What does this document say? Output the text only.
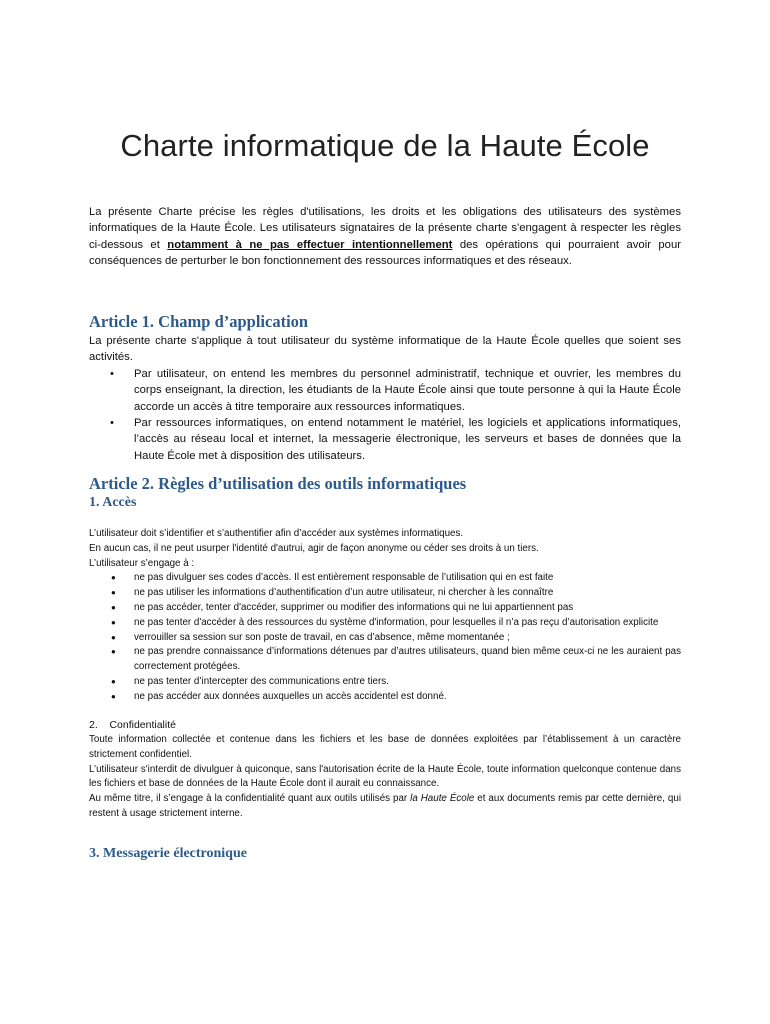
Charte informatique de la Haute École

La présente Charte précise les règles d'utilisations, les droits et les obligations des utilisateurs des systèmes informatiques de la Haute École. Les utilisateurs signataires de la présente charte s'engagent à respecter les règles ci-dessous et notamment à ne pas effectuer intentionnellement des opérations qui pourraient avoir pour conséquences de perturber le bon fonctionnement des ressources informatiques et des réseaux.

Article 1. Champ d’application

La présente charte s'applique à tout utilisateur du système informatique de la Haute École quelles que soient ses activités.

• Par utilisateur, on entend les membres du personnel administratif, technique et ouvrier, les membres du corps enseignant, la direction, les étudiants de la Haute École ainsi que toute personne à qui la Haute École accorde un accès à titre temporaire aux ressources informatiques.
• Par ressources informatiques, on entend notamment le matériel, les logiciels et applications informatiques, l’accès au réseau local et internet, la messagerie électronique, les serveurs et bases de données que la Haute École met à disposition des utilisateurs.
Article 2. Règles d’utilisation des outils informatiques
1. Accès
L’utilisateur doit s’identifier et s’authentifier afin d’accéder aux systèmes informatiques.
En aucun cas, il ne peut usurper l'identité d'autrui, agir de façon anonyme ou céder ses droits à un tiers.
L’utilisateur s’engage à :
● ne pas divulguer ses codes d’accès. Il est entièrement responsable de l’utilisation qui en est faite
● ne pas utiliser les informations d’authentification d’un autre utilisateur, ni chercher à les connaître
● ne pas accéder, tenter d'accéder, supprimer ou modifier des informations qui ne lui appartiennent pas
● ne pas tenter d'accéder à des ressources du système d'information, pour lesquelles il n’a pas reçu d’autorisation explicite
● verrouiller sa session sur son poste de travail, en cas d’absence, même momentanée ;
● ne pas prendre connaissance d’informations détenues par d’autres utilisateurs, quand bien même ceux-ci ne les auraient pas correctement protégées.
● ne pas tenter d’intercepter des communications entre tiers.
● ne pas accéder aux données auxquelles un accès accidentel est donné.
2. Confidentialité

Toute information collectée et contenue dans les fichiers et les base de données exploitées par l’établissement à un caractère strictement confidentiel.

L’utilisateur s'interdit de divulguer à quiconque, sans l'autorisation écrite de la Haute École, toute information quelconque contenue dans les fichiers et base de données de la Haute École dont il aurait eu connaissance.

Au même titre, il s’engage à la confidentialité quant aux outils utilisés par la Haute École et aux documents remis par cette dernière, qui restent à usage strictement interne.

3. Messagerie électronique
